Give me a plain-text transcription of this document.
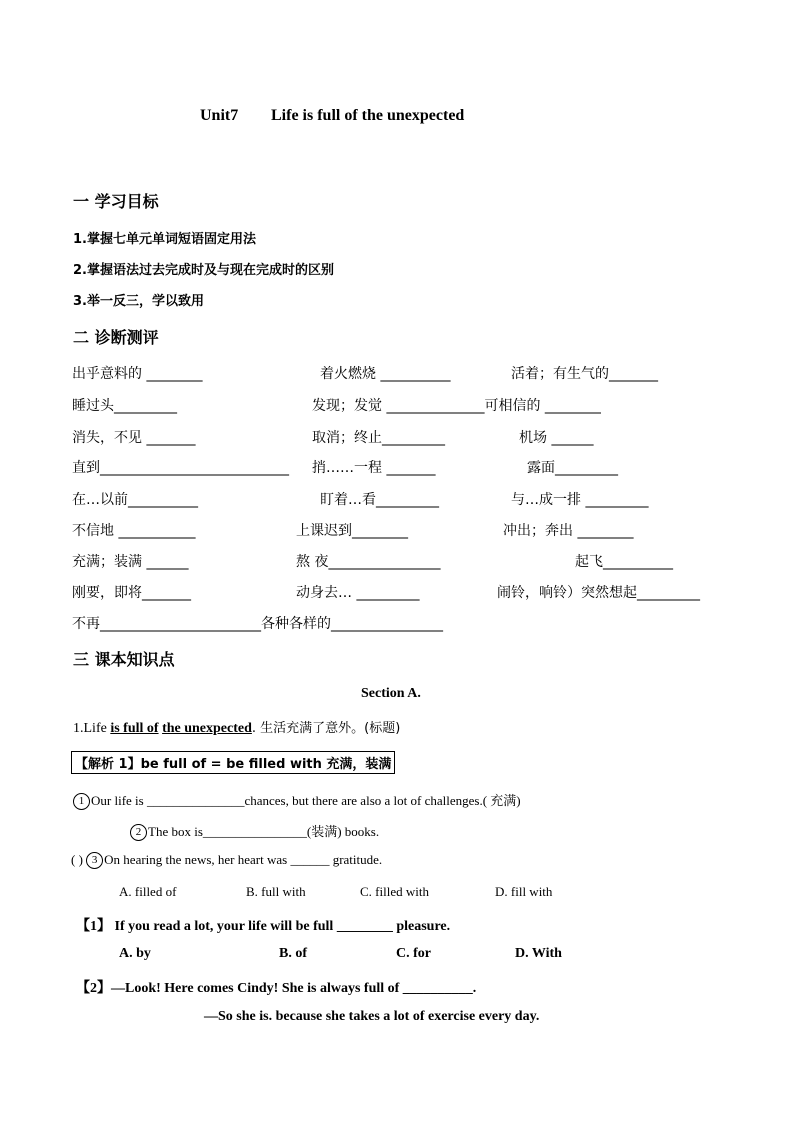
Unit7 Life is full of the unexpected
一 学习目标
1.掌握七单元单词短语固定用法
2.掌握语法过去完成时及与现在完成时的区别
3.举一反三，学以致用
二 诊断测评
出乎意料的 ________	着火燃烧 __________	活着；有生气的_______
睡过头_________	发现；发觉 ______________可相信的 ________
消失，不见 _______	取消；终止_________	机场 ______
直到___________________________ 捎……一程 _______	露面_________
在…以前__________	盯着…看_________	与…成一排 _________
不信地 ___________	上课迟到________	冲出；奔出 ________
充满；装满 ______	熬 夜________________	起飞__________
刚要，即将_______	动身去… _________	闹铃，响铃）突然想起_________
不再_______________________各种各样的________________
三 课本知识点
Section A.
1.Life is full of the unexpected. 生活充满了意外。(标题)
【解析 1】be full of = be filled with 充满，装满
1 Our life is _______________chances, but there are also a lot of challenges.( 充满)
2 The box is________________(装满) books.
( ) 3 On hearing the news, her heart was ______ gratitude.
A. filled of	B. full with	C. filled with	D. fill with
【1】 If you read a lot, your life will be full ________ pleasure.
A. by	B. of	C. for	D. With
【2】—Look! Here comes Cindy! She is always full of __________.
—So she is. because she takes a lot of exercise every day.
